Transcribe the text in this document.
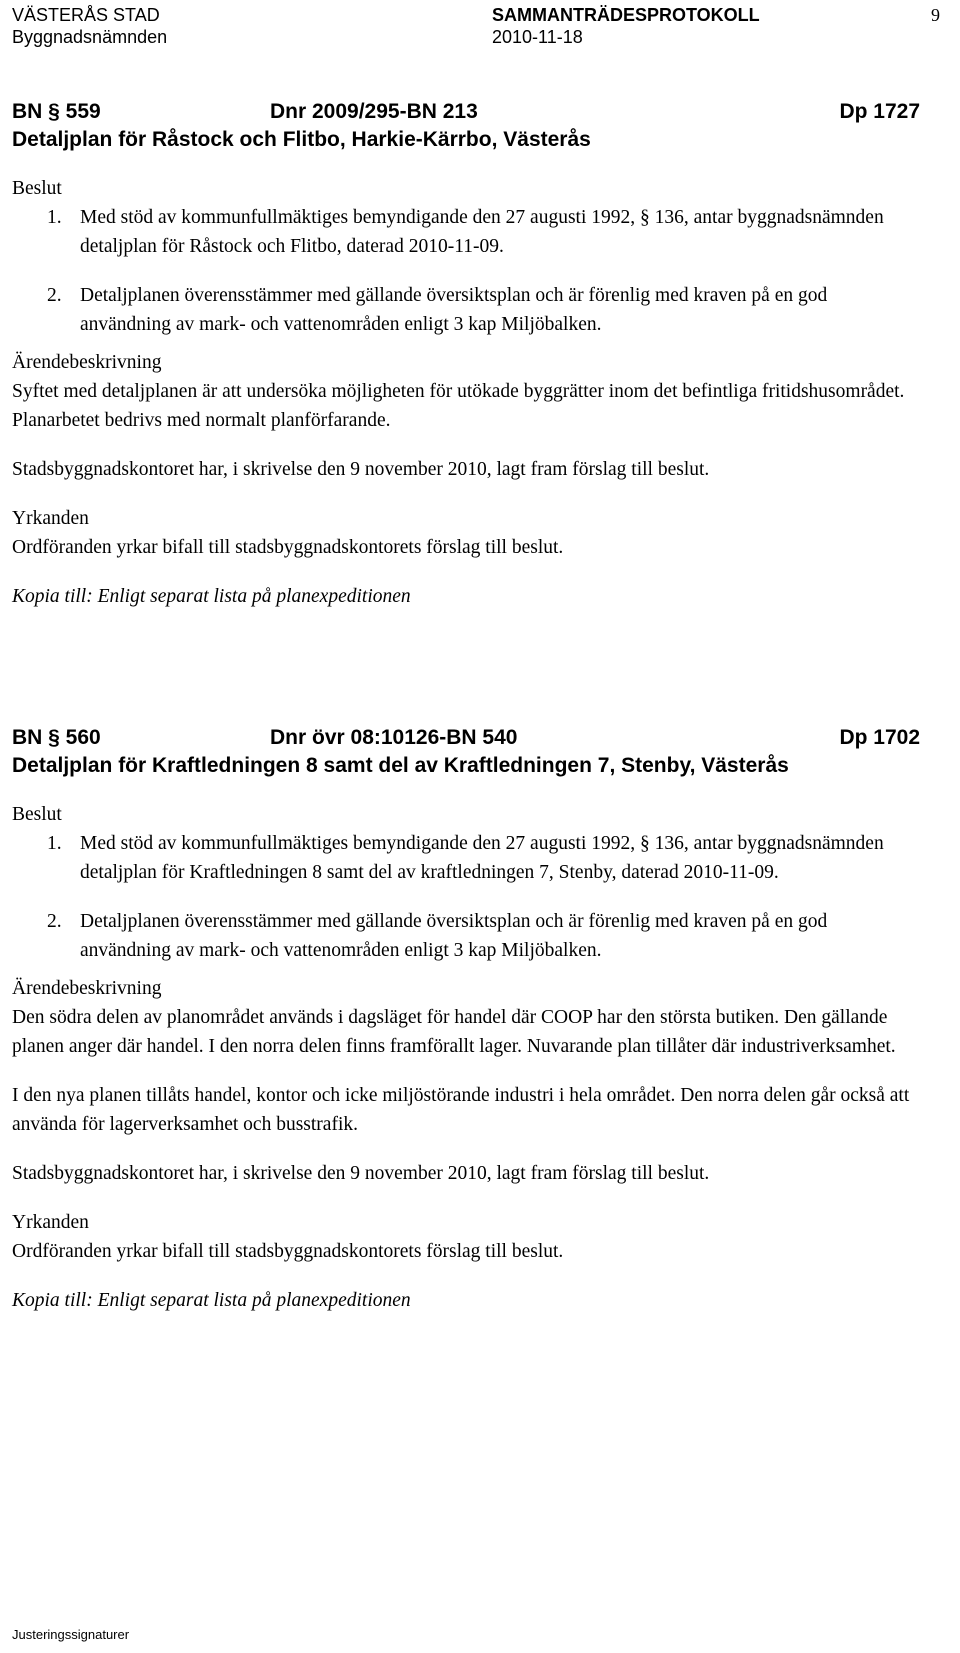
VÄSTERÅS STAD
Byggnadsnämnden
SAMMANTRÄDESPROTOKOLL
2010-11-18
9
BN § 559	Dnr 2009/295-BN 213	Dp 1727
Detaljplan för Råstock och Flitbo, Harkie-Kärrbo, Västerås
Beslut
1. Med stöd av kommunfullmäktiges bemyndigande den 27 augusti 1992, § 136, antar byggnadsnämnden detaljplan för Råstock och Flitbo, daterad 2010-11-09.
2. Detaljplanen överensstämmer med gällande översiktsplan och är förenlig med kraven på en god användning av mark- och vattenområden enligt 3 kap Miljöbalken.
Ärendebeskrivning

Syftet med detaljplanen är att undersöka möjligheten för utökade byggrätter inom det befintliga fritidshusområdet. Planarbetet bedrivs med normalt planförfarande.

Stadsbyggnadskontoret har, i skrivelse den 9 november 2010, lagt fram förslag till beslut.

Yrkanden

Ordföranden yrkar bifall till stadsbyggnadskontorets förslag till beslut.

Kopia till: Enligt separat lista på planexpeditionen
BN § 560	Dnr övr 08:10126-BN 540	Dp 1702
Detaljplan för Kraftledningen 8 samt del av Kraftledningen 7, Stenby, Västerås
Beslut
1. Med stöd av kommunfullmäktiges bemyndigande den 27 augusti 1992, § 136, antar byggnadsnämnden detaljplan för Kraftledningen 8 samt del av kraftledningen 7, Stenby, daterad 2010-11-09.
2. Detaljplanen överensstämmer med gällande översiktsplan och är förenlig med kraven på en god användning av mark- och vattenområden enligt 3 kap Miljöbalken.
Ärendebeskrivning

Den södra delen av planområdet används i dagsläget för handel där COOP har den största butiken. Den gällande planen anger där handel. I den norra delen finns framförallt lager. Nuvarande plan tillåter där industriverksamhet.

I den nya planen tillåts handel, kontor och icke miljöstörande industri i hela området. Den norra delen går också att använda för lagerverksamhet och busstrafik.

Stadsbyggnadskontoret har, i skrivelse den 9 november 2010, lagt fram förslag till beslut.

Yrkanden

Ordföranden yrkar bifall till stadsbyggnadskontorets förslag till beslut.

Kopia till: Enligt separat lista på planexpeditionen
Justeringssignaturer
